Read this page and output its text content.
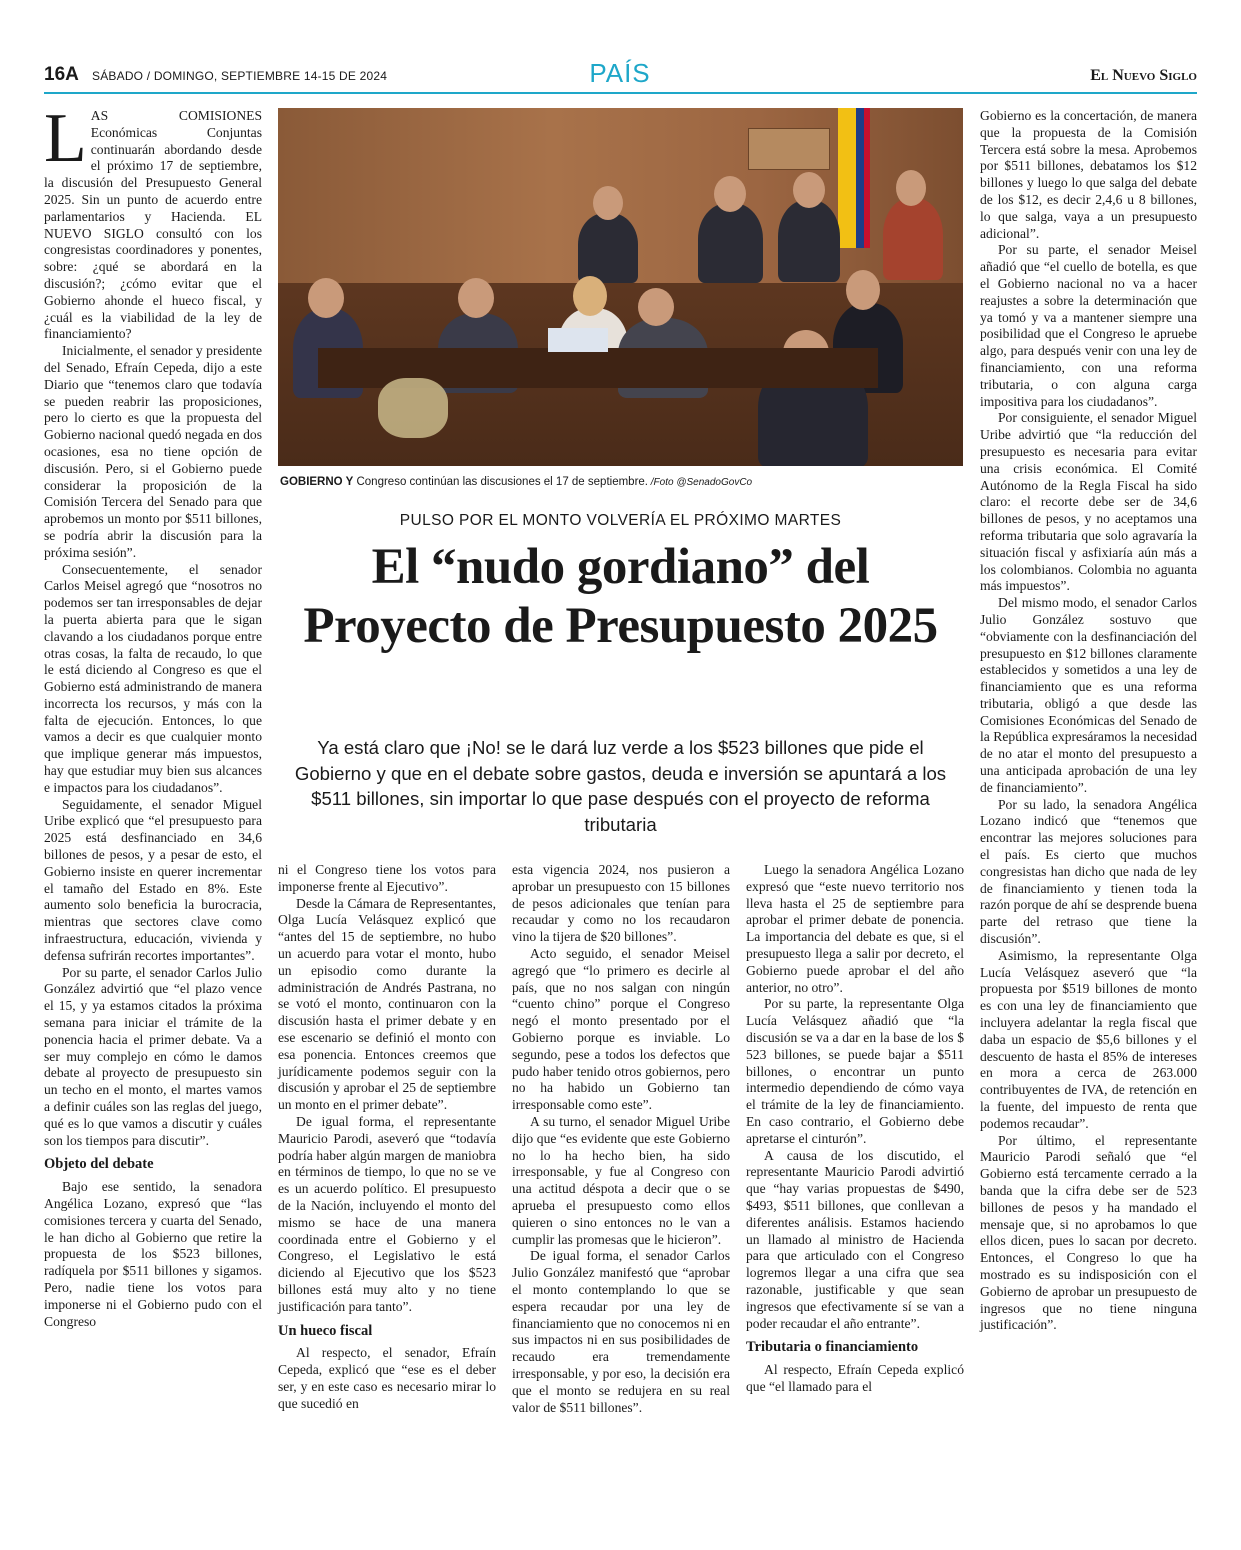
16A SÁBADO / DOMINGO, SEPTIEMBRE 14-15 DE 2024	PAÍS	El Nuevo Siglo

LAS COMISIONES Económicas Conjuntas continuarán abordando desde el próximo 17 de septiembre, la discusión del Presupuesto General 2025. Sin un punto de acuerdo entre parlamentarios y Hacienda. EL NUEVO SIGLO consultó con los congresistas coordinadores y ponentes, sobre: ¿qué se abordará en la discusión?; ¿cómo evitar que el Gobierno ahonde el hueco fiscal, y ¿cuál es la viabilidad de la ley de financiamiento?

Inicialmente, el senador y presidente del Senado, Efraín Cepeda, dijo a este Diario que “tenemos claro que todavía se pueden reabrir las proposiciones, pero lo cierto es que la propuesta del Gobierno nacional quedó negada en dos ocasiones, esa no tiene opción de discusión. Pero, si el Gobierno puede considerar la proposición de la Comisión Tercera del Senado para que aprobemos un monto por $511 billones, se podría abrir la discusión para la próxima sesión”.

Consecuentemente, el senador Carlos Meisel agregó que “nosotros no podemos ser tan irresponsables de dejar la puerta abierta para que le sigan clavando a los ciudadanos porque entre otras cosas, la falta de recaudo, lo que le está diciendo al Congreso es que el Gobierno está administrando de manera incorrecta los recursos, y más con la falta de ejecución. Entonces, lo que vamos a decir es que cualquier monto que implique generar más impuestos, hay que estudiar muy bien sus alcances e impactos para los ciudadanos”.

Seguidamente, el senador Miguel Uribe explicó que “el presupuesto para 2025 está desfinanciado en 34,6 billones de pesos, y a pesar de esto, el Gobierno insiste en querer incrementar el tamaño del Estado en 8%. Este aumento solo beneficia la burocracia, mientras que sectores clave como infraestructura, educación, vivienda y defensa sufrirán recortes importantes”.

Por su parte, el senador Carlos Julio González advirtió que “el plazo vence el 15, y ya estamos citados la próxima semana para iniciar el trámite de la ponencia hacia el primer debate. Va a ser muy complejo en cómo le damos debate al proyecto de presupuesto sin un techo en el monto, el martes vamos a definir cuáles son las reglas del juego, qué es lo que vamos a discutir y cuáles son los tiempos para discutir”.

Objeto del debate

Bajo ese sentido, la senadora Angélica Lozano, expresó que “las comisiones tercera y cuarta del Senado, le han dicho al Gobierno que retire la propuesta de los $523 billones, radíquela por $511 billones y sigamos. Pero, nadie tiene los votos para imponerse ni el Gobierno pudo con el Congreso

GOBIERNO Y Congreso continúan las discusiones el 17 de septiembre. /Foto @SenadoGovCo
PULSO POR EL MONTO VOLVERÍA EL PRÓXIMO MARTES
El “nudo gordiano” del Proyecto de Presupuesto 2025
Ya está claro que ¡No! se le dará luz verde a los $523 billones que pide el Gobierno y que en el debate sobre gastos, deuda e inversión se apuntará a los $511 billones, sin importar lo que pase después con el proyecto de reforma tributaria

ni el Congreso tiene los votos para imponerse frente al Ejecutivo”.

Desde la Cámara de Representantes, Olga Lucía Velásquez explicó que “antes del 15 de septiembre, no hubo un acuerdo para votar el monto, hubo un episodio como durante la administración de Andrés Pastrana, no se votó el monto, continuaron con la discusión hasta el primer debate y en ese escenario se definió el monto con esa ponencia. Entonces creemos que jurídicamente podemos seguir con la discusión y aprobar el 25 de septiembre un monto en el primer debate”.

De igual forma, el representante Mauricio Parodi, aseveró que “todavía podría haber algún margen de maniobra en términos de tiempo, lo que no se ve es un acuerdo político. El presupuesto de la Nación, incluyendo el monto del mismo se hace de una manera coordinada entre el Gobierno y el Congreso, el Legislativo le está diciendo al Ejecutivo que los $523 billones está muy alto y no tiene justificación para tanto”.

Un hueco fiscal

Al respecto, el senador, Efraín Cepeda, explicó que “ese es el deber ser, y en este caso es necesario mirar lo que sucedió en

esta vigencia 2024, nos pusieron a aprobar un presupuesto con 15 billones de pesos adicionales que tenían para recaudar y como no los recaudaron vino la tijera de $20 billones”.

Acto seguido, el senador Meisel agregó que “lo primero es decirle al país, que no nos salgan con ningún “cuento chino” porque el Congreso negó el monto presentado por el Gobierno porque es inviable. Lo segundo, pese a todos los defectos que pudo haber tenido otros gobiernos, pero no ha habido un Gobierno tan irresponsable como este”.

A su turno, el senador Miguel Uribe dijo que “es evidente que este Gobierno no lo ha hecho bien, ha sido irresponsable, y fue al Congreso con una actitud déspota a decir que o se aprueba el presupuesto como ellos quieren o sino entonces no le van a cumplir las promesas que le hicieron”.

De igual forma, el senador Carlos Julio González manifestó que “aprobar el monto contemplando lo que se espera recaudar por una ley de financiamiento que no conocemos ni en sus impactos ni en sus posibilidades de recaudo era tremendamente irresponsable, y por eso, la decisión era que el monto se redujera en su real valor de $511 billones”.

Luego la senadora Angélica Lozano expresó que “este nuevo territorio nos lleva hasta el 25 de septiembre para aprobar el primer debate de ponencia. La importancia del debate es que, si el presupuesto llega a salir por decreto, el Gobierno puede aprobar el del año anterior, no otro”.

Por su parte, la representante Olga Lucía Velásquez añadió que “la discusión se va a dar en la base de los $ 523 billones, se puede bajar a $511 billones, o encontrar un punto intermedio dependiendo de cómo vaya el trámite de la ley de financiamiento. En caso contrario, el Gobierno debe apretarse el cinturón”.

A causa de los discutido, el representante Mauricio Parodi advirtió que “hay varias propuestas de $490, $493, $511 billones, que conllevan a diferentes análisis. Estamos haciendo un llamado al ministro de Hacienda para que articulado con el Congreso logremos llegar a una cifra que sea razonable, justificable y que sean ingresos que efectivamente sí se van a poder recaudar el año entrante”.

Tributaria o financiamiento

Al respecto, Efraín Cepeda explicó que “el llamado para el

Gobierno es la concertación, de manera que la propuesta de la Comisión Tercera está sobre la mesa. Aprobemos por $511 billones, debatamos los $12 billones y luego lo que salga del debate de los $12, es decir 2,4,6 u 8 billones, lo que salga, vaya a un presupuesto adicional”.

Por su parte, el senador Meisel añadió que “el cuello de botella, es que el Gobierno nacional no va a hacer reajustes a sobre la determinación que ya tomó y va a mantener siempre una posibilidad que el Congreso le apruebe algo, para después venir con una ley de financiamiento, con una reforma tributaria, o con alguna carga impositiva para los ciudadanos”.

Por consiguiente, el senador Miguel Uribe advirtió que “la reducción del presupuesto es necesaria para evitar una crisis económica. El Comité Autónomo de la Regla Fiscal ha sido claro: el recorte debe ser de 34,6 billones de pesos, y no aceptamos una reforma tributaria que solo agravaría la situación fiscal y asfixiaría aún más a los colombianos. Colombia no aguanta más impuestos”.

Del mismo modo, el senador Carlos Julio González sostuvo que “obviamente con la desfinanciación del presupuesto en $12 billones claramente establecidos y sometidos a una ley de financiamiento que es una reforma tributaria, obligó a que desde las Comisiones Económicas del Senado de la República expresáramos la necesidad de no atar el monto del presupuesto a una anticipada aprobación de una ley de financiamiento”.

Por su lado, la senadora Angélica Lozano indicó que “tenemos que encontrar las mejores soluciones para el país. Es cierto que muchos congresistas han dicho que nada de ley de financiamiento y tienen toda la razón porque de ahí se desprende buena parte del retraso que tiene la discusión”.

Asimismo, la representante Olga Lucía Velásquez aseveró que “la propuesta por $519 billones de monto es con una ley de financiamiento que incluyera adelantar la regla fiscal que daba un espacio de $5,6 billones y el descuento de hasta el 85% de intereses en mora a cerca de 263.000 contribuyentes de IVA, de retención en la fuente, del impuesto de renta que podemos recaudar”.

Por último, el representante Mauricio Parodi señaló que “el Gobierno está tercamente cerrado a la banda que la cifra debe ser de 523 billones de pesos y ha mandado el mensaje que, si no aprobamos lo que ellos dicen, pues lo sacan por decreto. Entonces, el Congreso lo que ha mostrado es su indisposición con el Gobierno de aprobar un presupuesto de ingresos que no tiene ninguna justificación”.
